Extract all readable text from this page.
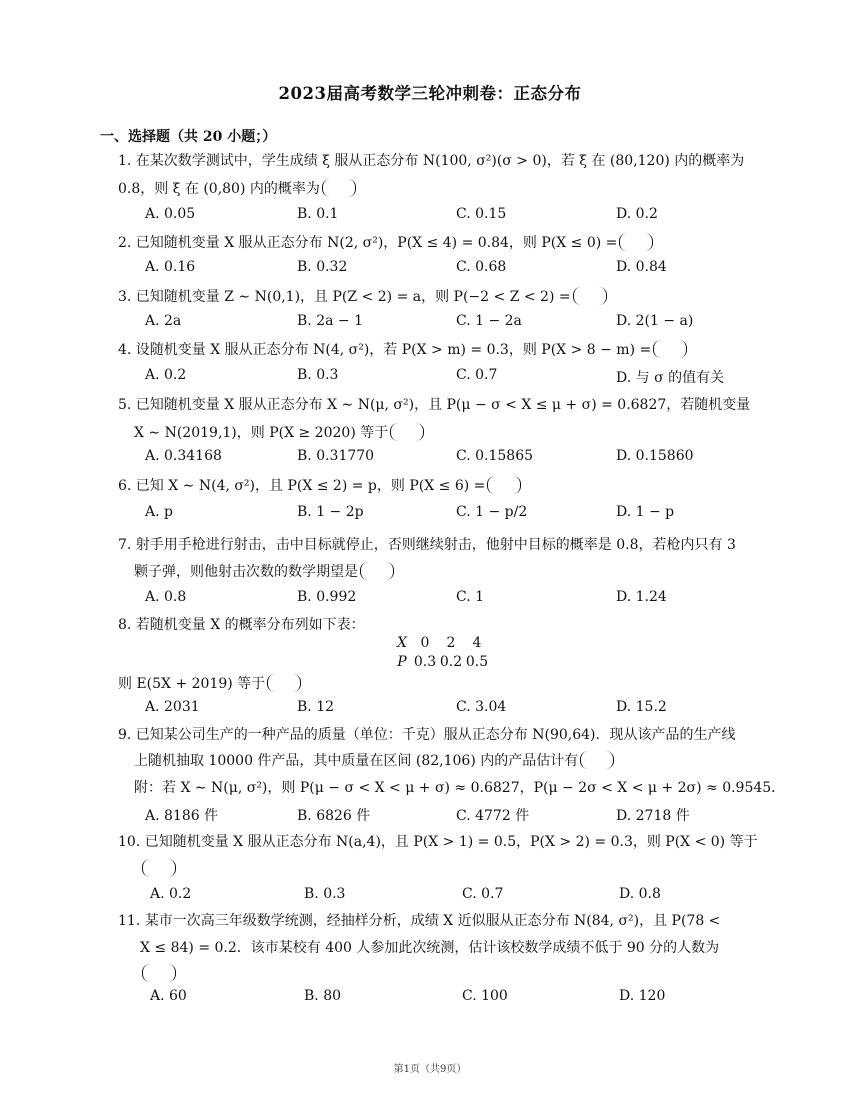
2023届高考数学三轮冲刺卷：正态分布
一、选择题（共 20 小题；）
1. 在某次数学测试中，学生成绩 ξ 服从正态分布 N(100, σ²)(σ > 0)，若 ξ 在 (80,120) 内的概率为
0.8，则 ξ 在 (0,80) 内的概率为
A. 0.05	B. 0.1	C. 0.15	D. 0.2
2. 已知随机变量 X 服从正态分布 N(2, σ²)，P(X ≤ 4) = 0.84，则 P(X ≤ 0) =
A. 0.16	B. 0.32	C. 0.68	D. 0.84
3. 已知随机变量 Z ∼ N(0,1)，且 P(Z < 2) = a，则 P(−2 < Z < 2) =
A. 2a	B. 2a − 1	C. 1 − 2a	D. 2(1 − a)
4. 设随机变量 X 服从正态分布 N(4, σ²)，若 P(X > m) = 0.3，则 P(X > 8 − m) =
A. 0.2	B. 0.3	C. 0.7	D. 与 σ 的值有关
5. 已知随机变量 X 服从正态分布 X ∼ N(μ, σ²)，且 P(μ − σ < X ≤ μ + σ) = 0.6827，若随机变量
X ∼ N(2019,1)，则 P(X ≥ 2020) 等于
A. 0.34168	B. 0.31770	C. 0.15865	D. 0.15860
6. 已知 X ∼ N(4, σ²)，且 P(X ≤ 2) = p，则 P(X ≤ 6) =
A. p	B. 1 − 2p	C. 1 − p/2	D. 1 − p
7. 射手用手枪进行射击，击中目标就停止，否则继续射击，他射中目标的概率是 0.8，若枪内只有 3
颗子弹，则他射击次数的数学期望是
A. 0.8	B. 0.992	C. 1	D. 1.24
8. 若随机变量 X 的概率分布列如下表：
X 0	2	4
P 0.3 0.2 0.5
则 E(5X + 2019) 等于
A. 2031	B. 12	C. 3.04	D. 15.2
9. 已知某公司生产的一种产品的质量（单位：千克）服从正态分布 N(90,64)．现从该产品的生产线
上随机抽取 10000 件产品，其中质量在区间 (82,106) 内的产品估计有
附：若 X ∼ N(μ, σ²)，则 P(μ − σ < X < μ + σ) ≈ 0.6827，P(μ − 2σ < X < μ + 2σ) ≈ 0.9545．
A. 8186 件	B. 6826 件	C. 4772 件	D. 2718 件
10. 已知随机变量 X 服从正态分布 N(a,4)，且 P(X > 1) = 0.5，P(X > 2) = 0.3，则 P(X < 0) 等于
A. 0.2	B. 0.3	C. 0.7	D. 0.8
11. 某市一次高三年级数学统测，经抽样分析，成绩 X 近似服从正态分布 N(84, σ²)，且 P(78 <
X ≤ 84) = 0.2．该市某校有 400 人参加此次统测，估计该校数学成绩不低于 90 分的人数为
A. 60	B. 80	C. 100	D. 120
第1页（共9页）
